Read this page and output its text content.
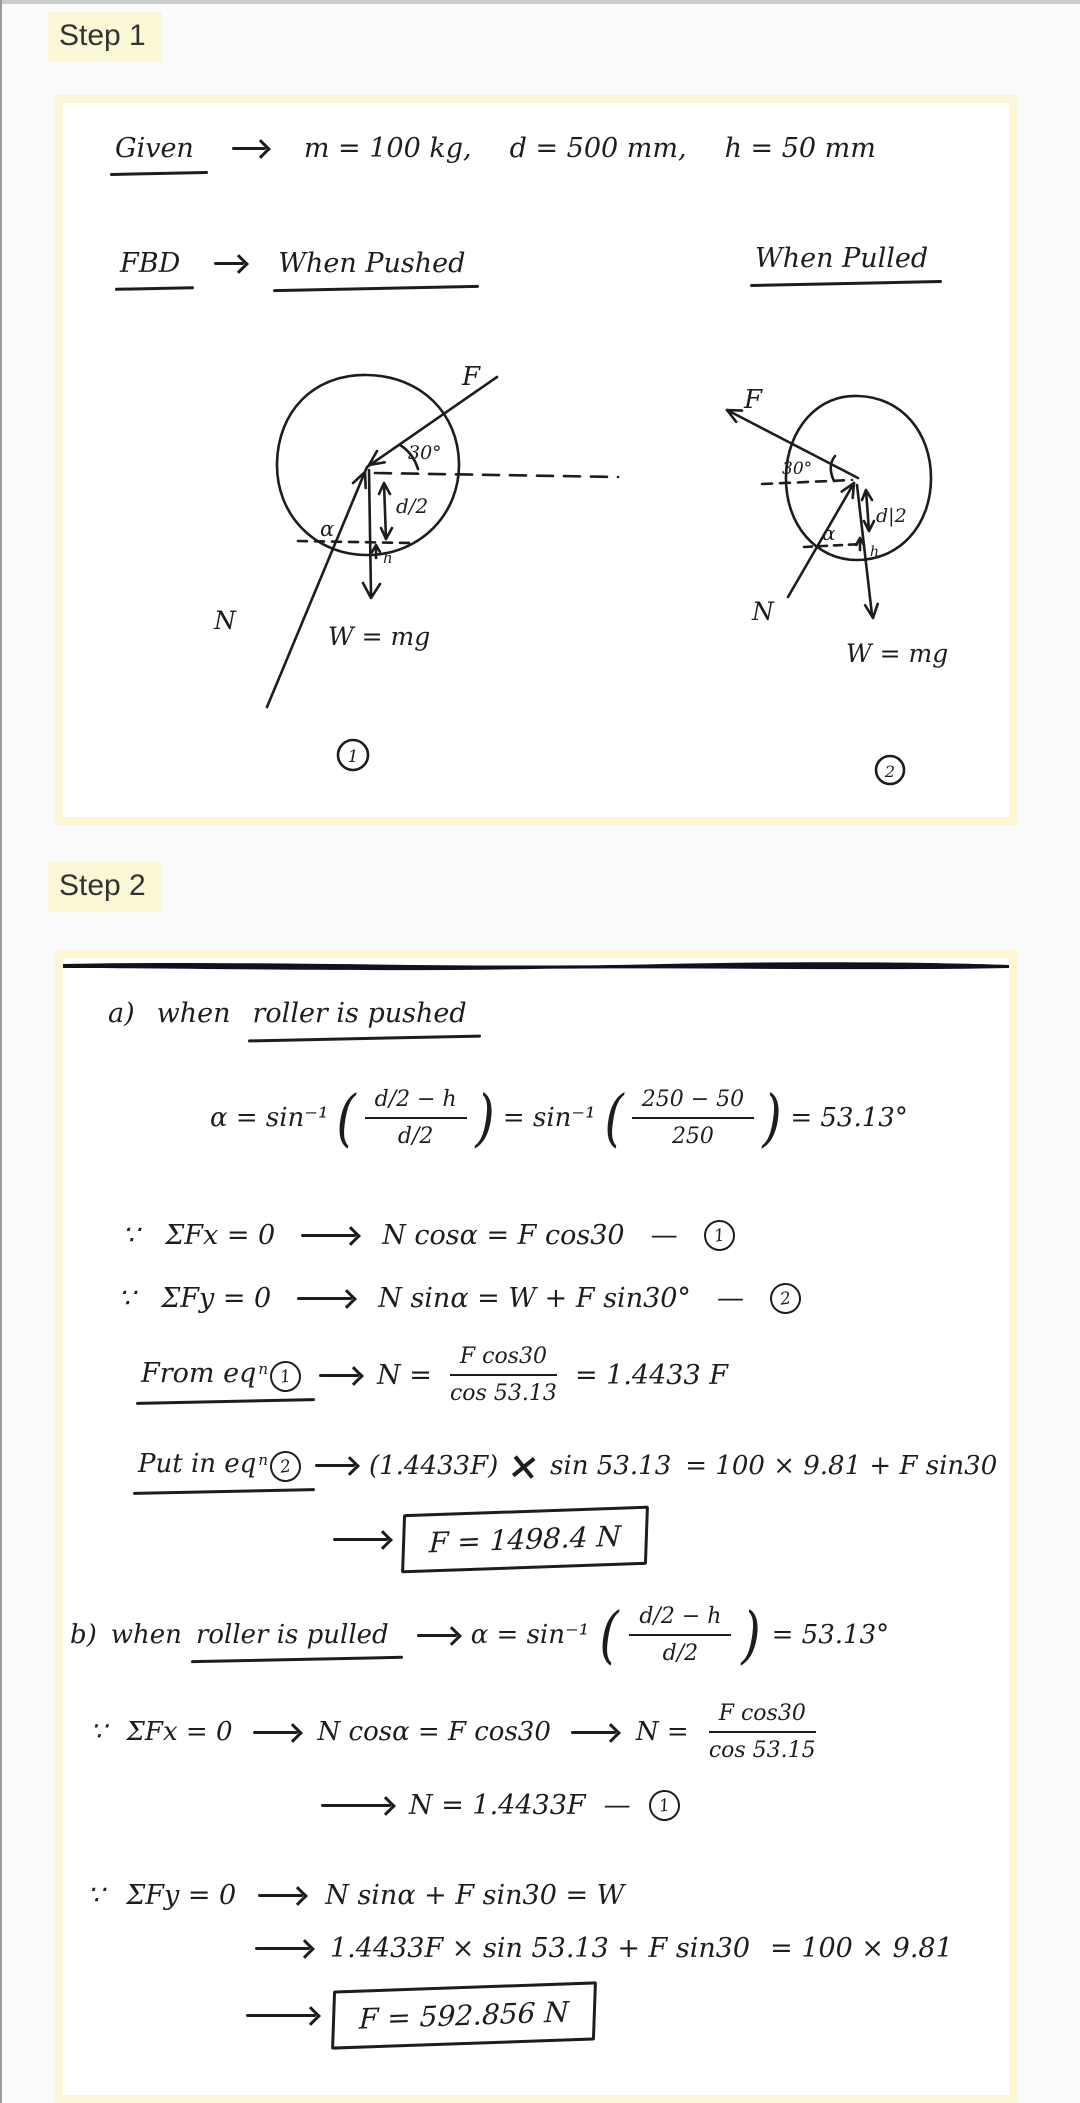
Step 1
Given	m = 100 kg, d = 500 mm, h = 50 mm
FBD	When Pushed	When Pulled
F
30°
d/2
α
h
N
W = mg
1
F
30°
d|2
α
h
N
W = mg
2
Step 2
a) when roller is pushed
α = sin⁻¹ ( $\frac{d/2 - h}{d/2}$ ) = sin⁻¹ ( $\frac{250 - 50}{250}$ ) = 53.13°
∵ ΣFx = 0	N cosα = F cos30 —	1
∵ ΣFy = 0	N sinα = W + F sin30° —	2
From eq n 1	$N = \frac{\text{F cos30}}{\cos 53.13} = 1.4433$ F
Put in eq n 2	(1.4433F) × sin 53.13 = 100 × 9.81 + F sin30
F = 1498.4 N
b) when roller is pulled	α = sin⁻¹ ( $\frac{d/2 - h}{d/2}$ ) = 53.13°
∵ ΣFx = 0	N cosα = F cos30	$N = \frac{\text{F cos30}}{\cos 53.15}$
N = 1.4433F —	1
∵ ΣFy = 0	N sinα + F sin30 = W
1.4433F × sin 53.13 + F sin30 = 100 × 9.81
F = 592.856 N
